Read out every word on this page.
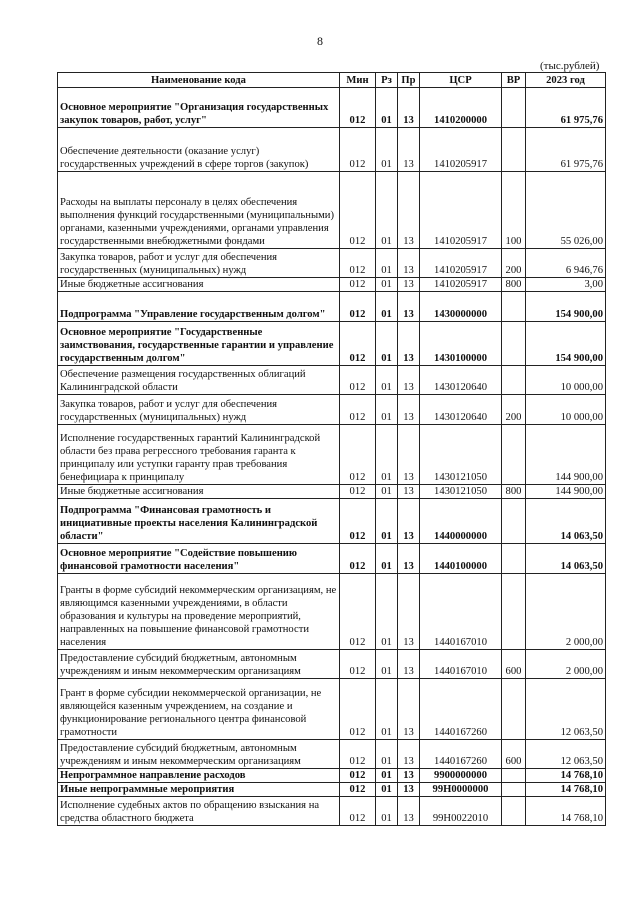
8
(тыс.рублей)
Наименование кода	Мин	Рз	Пр	ЦСР	ВР	2023 год
Основное мероприятие "Организация государственных закупок товаров, работ, услуг"	012	01	13	1410200000		61 975,76
Обеспечение деятельности (оказание услуг) государственных учреждений в сфере торгов (закупок)	012	01	13	1410205917		61 975,76
Расходы на выплаты персоналу в целях обеспечения выполнения функций государственными (муниципальными) органами, казенными учреждениями, органами управления государственными внебюджетными фондами	012	01	13	1410205917	100	55 026,00
Закупка товаров, работ и услуг для обеспечения государственных (муниципальных) нужд	012	01	13	1410205917	200	6 946,76
Иные бюджетные ассигнования	012	01	13	1410205917	800	3,00
Подпрограмма "Управление государственным долгом"	012	01	13	1430000000		154 900,00
Основное мероприятие "Государственные заимствования, государственные гарантии и управление государственным долгом"	012	01	13	1430100000		154 900,00
Обеспечение размещения государственных облигаций Калининградской области	012	01	13	1430120640		10 000,00
Закупка товаров, работ и услуг для обеспечения государственных (муниципальных) нужд	012	01	13	1430120640	200	10 000,00
Исполнение государственных гарантий Калининградской области без права регрессного требования гаранта к принципалу или уступки гаранту прав требования бенефициара к принципалу	012	01	13	1430121050		144 900,00
Иные бюджетные ассигнования	012	01	13	1430121050	800	144 900,00
Подпрограмма "Финансовая грамотность и инициативные проекты населения Калининградской области"	012	01	13	1440000000		14 063,50
Основное мероприятие "Содействие повышению финансовой грамотности населения"	012	01	13	1440100000		14 063,50
Гранты в форме субсидий некоммерческим организациям, не являющимся казенными учреждениями, в области образования и культуры на проведение мероприятий, направленных на повышение финансовой грамотности населения	012	01	13	1440167010		2 000,00
Предоставление субсидий бюджетным, автономным учреждениям и иным некоммерческим организациям	012	01	13	1440167010	600	2 000,00
Грант в форме субсидии некоммерческой организации, не являющейся казенным учреждением, на создание и функционирование регионального центра финансовой грамотности	012	01	13	1440167260		12 063,50
Предоставление субсидий бюджетным, автономным учреждениям и иным некоммерческим организациям	012	01	13	1440167260	600	12 063,50
Непрограммное направление расходов	012	01	13	9900000000		14 768,10
Иные непрограммные мероприятия	012	01	13	99Н0000000		14 768,10
Исполнение судебных актов по обращению взыскания на средства областного бюджета	012	01	13	99Н0022010		14 768,10
